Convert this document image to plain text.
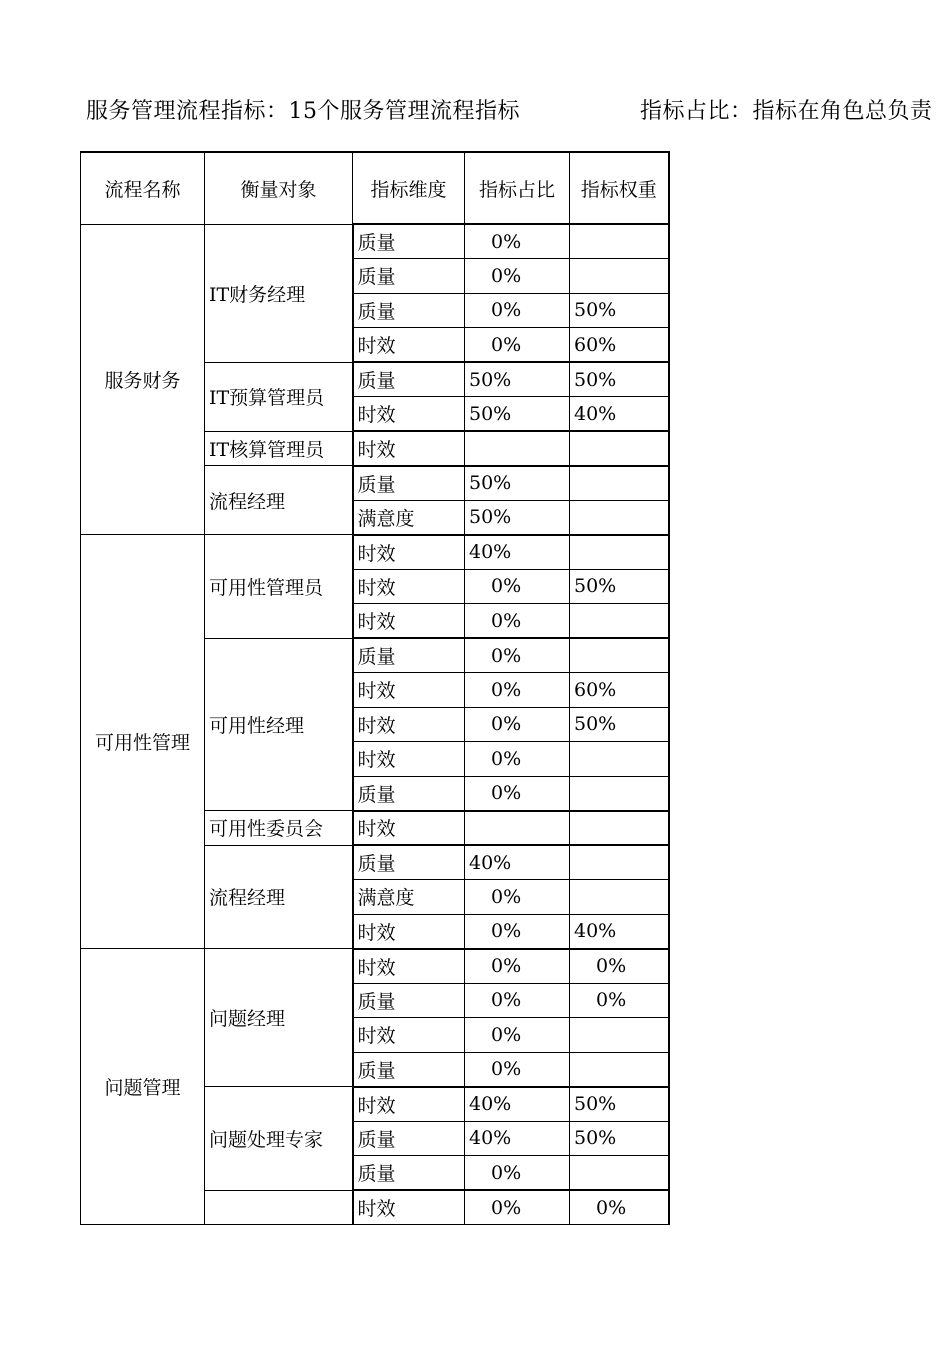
服务管理流程指标：15个服务管理流程指标	指标占比：指标在角色总负责
流程名称	衡量对象	指标维度	指标占比	指标权重
服务财务	IT财务经理	质量	0%	
		质量	0%	
		质量	0%	50%
		时效	0%	60%
	IT预算管理员	质量	50%	50%
		时效	50%	40%
	IT核算管理员	时效		
	流程经理	质量	50%	
		满意度	50%	
可用性管理	可用性管理员	时效	40%	
		时效	0%	50%
		时效	0%	
	可用性经理	质量	0%	
		时效	0%	60%
		时效	0%	50%
		时效	0%	
		质量	0%	
	可用性委员会	时效		
	流程经理	质量	40%	
		满意度	0%	
		时效	0%	40%
问题管理	问题经理	时效	0%	0%
		质量	0%	0%
		时效	0%	
		质量	0%	
	问题处理专家	时效	40%	50%
		质量	40%	50%
		质量	0%	
		时效	0%	0%
